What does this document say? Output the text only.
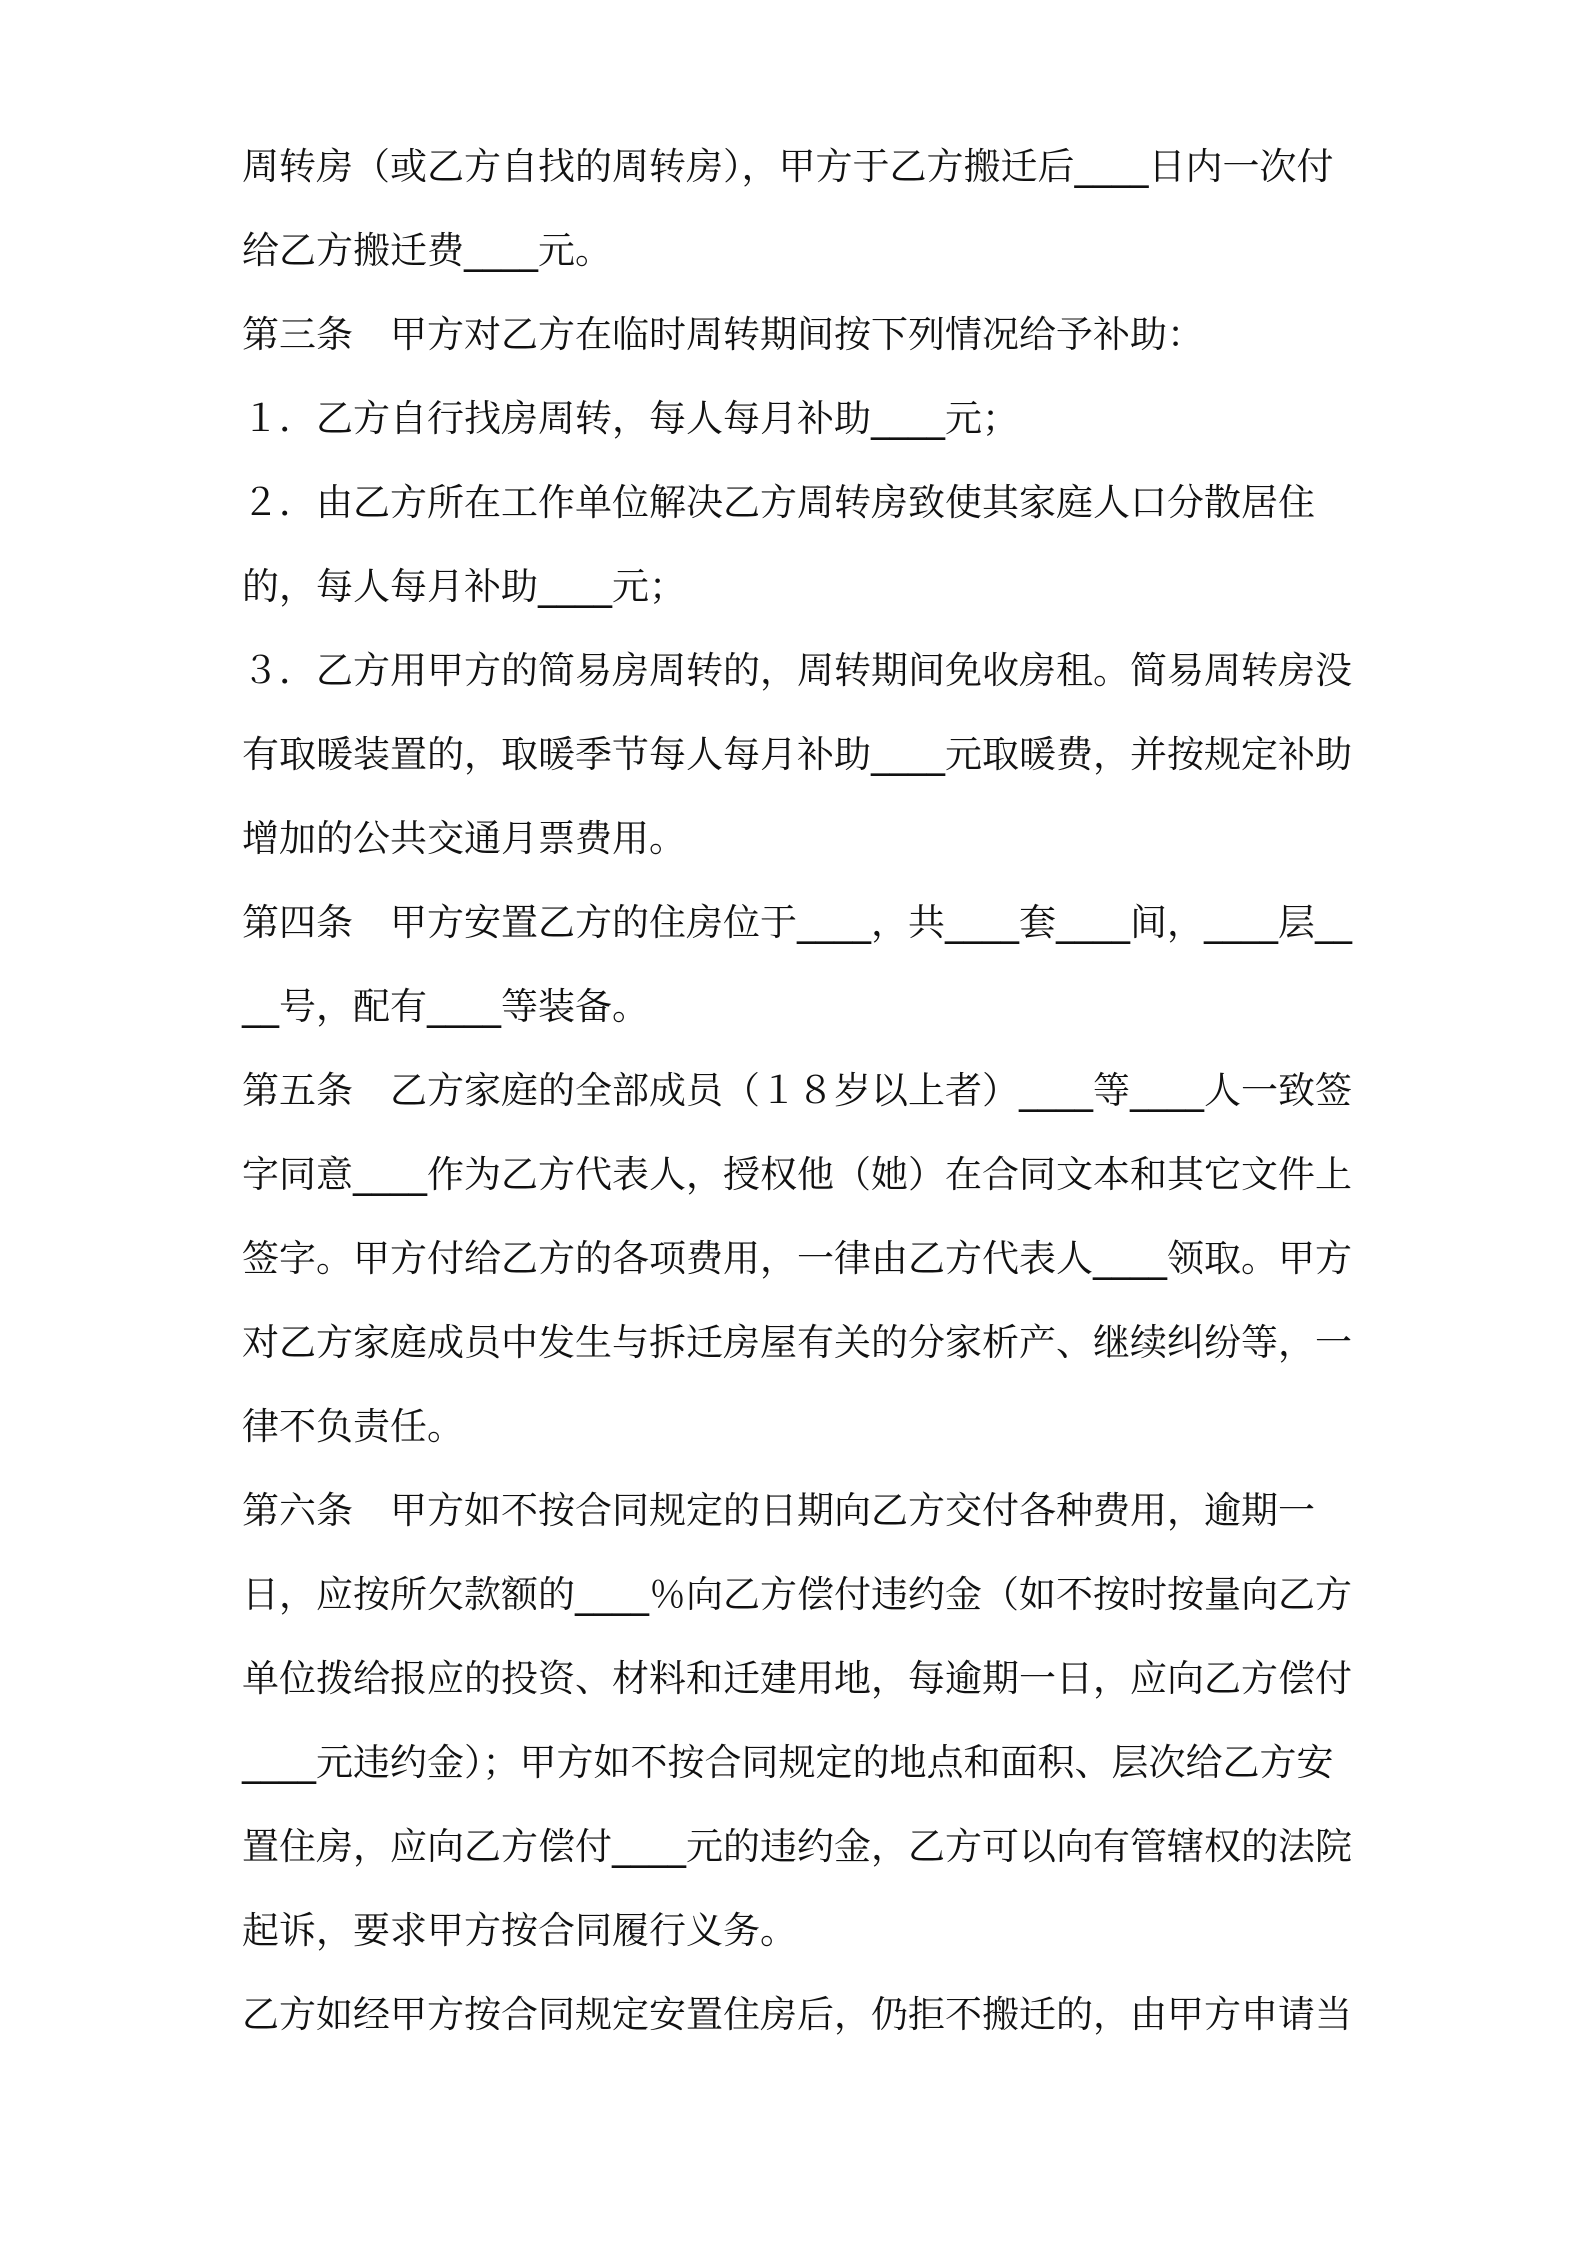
周转房（或乙方自找的周转房），甲方于乙方搬迁后____日内一次付
给乙方搬迁费____元。
第三条　甲方对乙方在临时周转期间按下列情况给予补助：
１．乙方自行找房周转，每人每月补助____元；
２．由乙方所在工作单位解决乙方周转房致使其家庭人口分散居住
的，每人每月补助____元；
３．乙方用甲方的简易房周转的，周转期间免收房租。简易周转房没
有取暖装置的，取暖季节每人每月补助____元取暖费，并按规定补助
增加的公共交通月票费用。
第四条　甲方安置乙方的住房位于____，共____套____间，____层__
__号，配有____等装备。
第五条　乙方家庭的全部成员（１８岁以上者）____等____人一致签
字同意____作为乙方代表人，授权他（她）在合同文本和其它文件上
签字。甲方付给乙方的各项费用，一律由乙方代表人____领取。甲方
对乙方家庭成员中发生与拆迁房屋有关的分家析产、继续纠纷等，一
律不负责任。
第六条　甲方如不按合同规定的日期向乙方交付各种费用，逾期一
日，应按所欠款额的____％向乙方偿付违约金（如不按时按量向乙方
单位拨给报应的投资、材料和迁建用地，每逾期一日，应向乙方偿付
____元违约金）；甲方如不按合同规定的地点和面积、层次给乙方安
置住房，应向乙方偿付____元的违约金，乙方可以向有管辖权的法院
起诉，要求甲方按合同履行义务。
乙方如经甲方按合同规定安置住房后，仍拒不搬迁的，由甲方申请当
